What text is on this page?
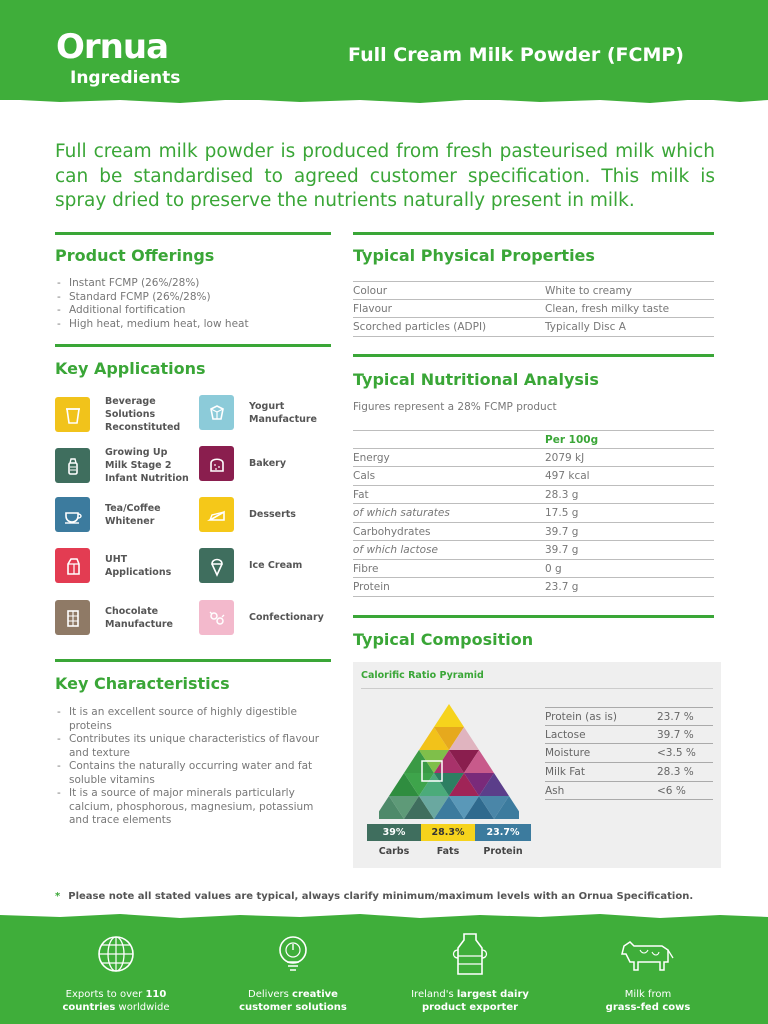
Ornua
Ingredients
Full Cream Milk Powder (FCMP)

Full cream milk powder is produced from fresh pasteurised milk which can be standardised to agreed customer specification. This milk is spray dried to preserve the nutrients naturally present in milk.

Product Offerings
- Instant FCMP (26%/28%)
- Standard FCMP (26%/28%)
- Additional fortification
- High heat, medium heat, low heat
Key Applications
Beverage
Solutions
Reconstituted
Yogurt
Manufacture
Growing Up
Milk Stage 2
Infant Nutrition
Bakery
Tea/Coffee
Whitener
Desserts
UHT
Applications
Ice Cream
Chocolate
Manufacture
Confectionary
Key Characteristics
- It is an excellent source of highly digestible proteins
- Contributes its unique characteristics of flavour and texture
- Contains the naturally occurring water and fat soluble vitamins
- It is a source of major minerals particularly calcium, phosphorous, magnesium, potassium and trace elements
Typical Physical Properties
Colour	White to creamy
Flavour	Clean, fresh milky taste
Scorched particles (ADPI)	Typically Disc A
Typical Nutritional Analysis
Figures represent a 28% FCMP product
Per 100g
Energy	2079 kJ
Cals	497 kcal
Fat	28.3 g
of which saturates	17.5 g
Carbohydrates	39.7 g
of which lactose	39.7 g
Fibre	0 g
Protein	23.7 g
Typical Composition
Calorific Ratio Pyramid
39%	28.3%	23.7%
Carbs	Fats	Protein
Protein (as is)	23.7 %
Lactose	39.7 %
Moisture	<3.5 %
Milk Fat	28.3 %
Ash	<6 %
* Please note all stated values are typical, always clarify minimum/maximum levels with an Ornua Specification.
Exports to over 110
countries worldwide
Delivers creative
customer solutions
Ireland's largest dairy
product exporter
Milk from
grass-fed cows
